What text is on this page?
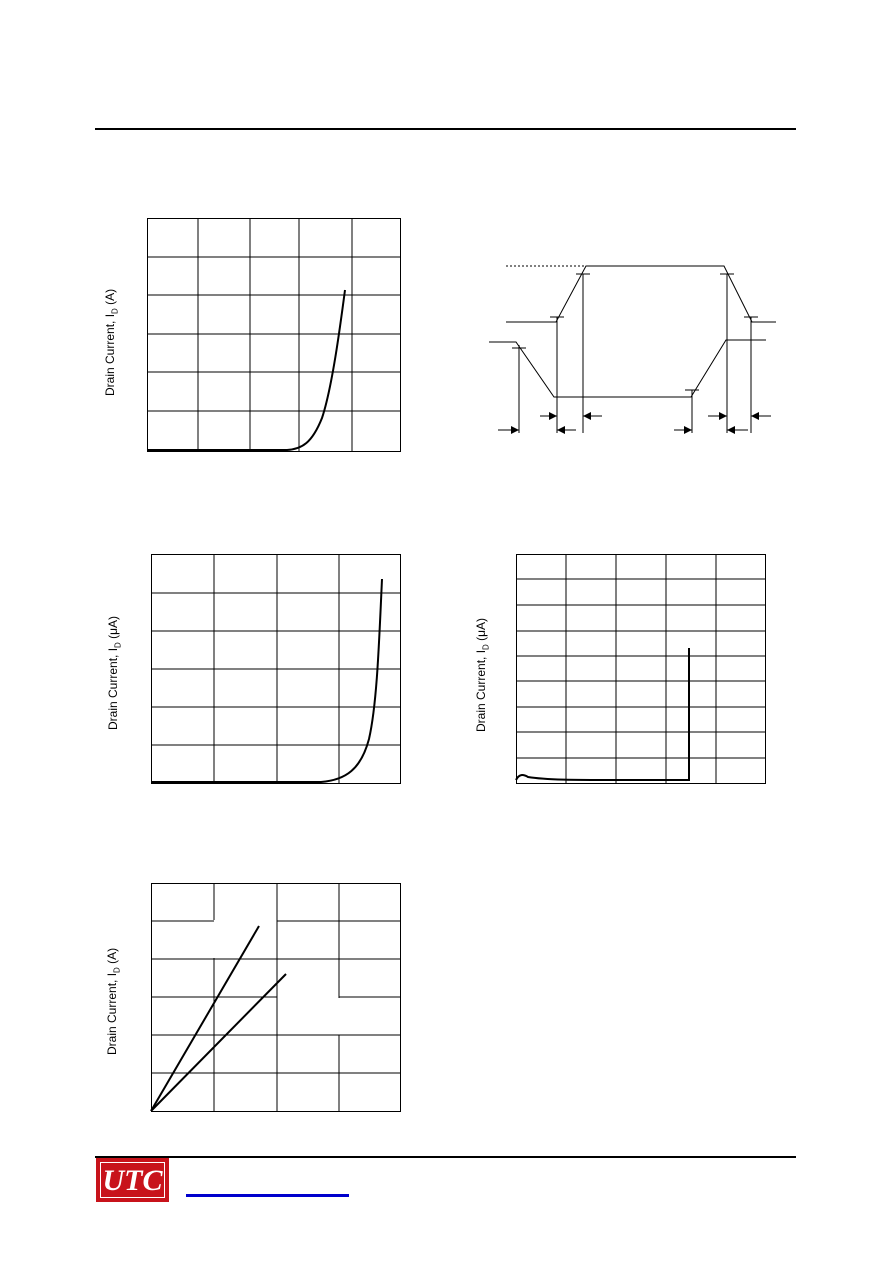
Drain Current, $I_D$ (A)
Drain Current, $I_D$ (μA)
Drain Current, $I_D$ (μA)
Drain Current, $I_D$ (A)
UTC
